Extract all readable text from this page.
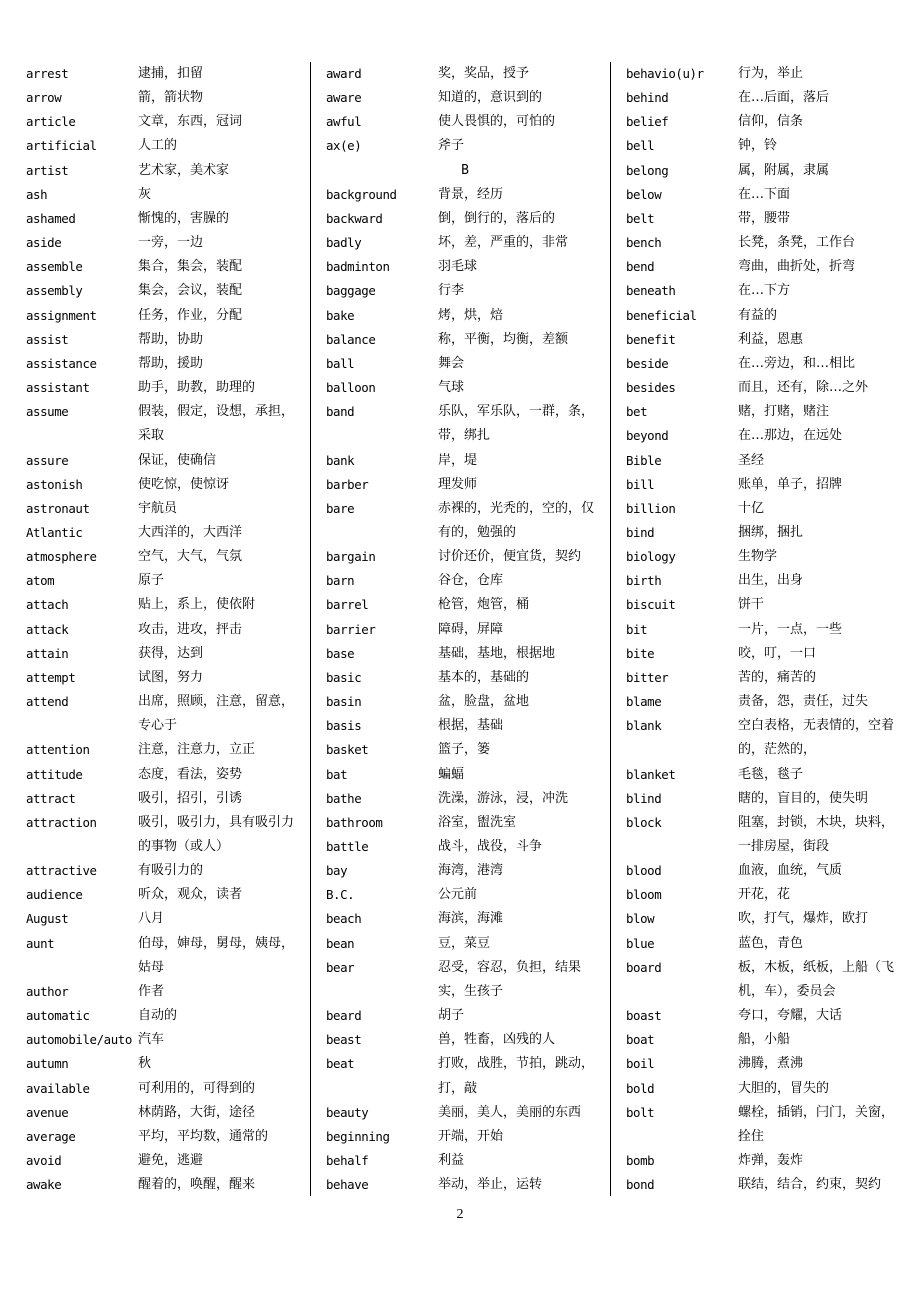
arrest	逮捕，扣留
arrow	箭，箭状物
article	文章，东西，冠词
artificial	人工的
artist	艺术家，美术家
ash	灰
ashamed	惭愧的，害臊的
aside	一旁，一边
assemble	集合，集会，装配
assembly	集会，会议，装配
assignment	任务，作业，分配
assist	帮助，协助
assistance	帮助，援助
assistant	助手，助教，助理的
assume	假装，假定，设想，承担，采取
assure	保证，使确信
astonish	使吃惊，使惊讶
astronaut	宇航员
Atlantic	大西洋的，大西洋
atmosphere	空气，大气，气氛
atom	原子
attach	贴上，系上，使依附
attack	攻击，进攻，抨击
attain	获得，达到
attempt	试图，努力
attend	出席，照顾，注意，留意，专心于
attention	注意，注意力，立正
attitude	态度，看法，姿势
attract	吸引，招引，引诱
attraction	吸引，吸引力，具有吸引力的事物（或人）
attractive	有吸引力的
audience	听众，观众，读者
August	八月
aunt	伯母，婶母，舅母，姨母，姑母
author	作者
automatic	自动的
automobile/auto 汽车
autumn	秋
available	可利用的，可得到的
avenue	林荫路，大街，途径
average	平均，平均数，通常的
avoid	避免，逃避
awake	醒着的，唤醒，醒来
award	奖，奖品，授予
aware	知道的，意识到的
awful	使人畏惧的，可怕的
ax(e)	斧子
B
background	背景，经历
backward	倒，倒行的，落后的
badly	坏，差，严重的，非常
badminton	羽毛球
baggage	行李
bake	烤，烘，焙
balance	称，平衡，均衡，差额
ball	舞会
balloon	气球
band	乐队，军乐队，一群，条，带，绑扎
bank	岸，堤
barber	理发师
bare	赤裸的，光秃的，空的，仅有的，勉强的
bargain	讨价还价，便宜货，契约
barn	谷仓，仓库
barrel	枪管，炮管，桶
barrier	障碍，屏障
base	基础，基地，根据地
basic	基本的，基础的
basin	盆，脸盘，盆地
basis	根据，基础
basket	篮子，篓
bat	蝙蝠
bathe	洗澡，游泳，浸，冲洗
bathroom	浴室，盥洗室
battle	战斗，战役，斗争
bay	海湾，港湾
B.C.	公元前
beach	海滨，海滩
bean	豆，菜豆
bear	忍受，容忍，负担，结果实，生孩子
beard	胡子
beast	兽，牲畜，凶残的人
beat	打败，战胜，节拍，跳动，打，敲
beauty	美丽，美人，美丽的东西
beginning	开端，开始
behalf	利益
behave	举动，举止，运转
behavio(u)r	行为，举止
behind	在…后面，落后
belief	信仰，信条
bell	钟，铃
belong	属，附属，隶属
below	在…下面
belt	带，腰带
bench	长凳，条凳，工作台
bend	弯曲，曲折处，折弯
beneath	在…下方
beneficial	有益的
benefit	利益，恩惠
beside	在…旁边，和…相比
besides	而且，还有，除…之外
bet	赌，打赌，赌注
beyond	在…那边，在远处
Bible	圣经
bill	账单，单子，招牌
billion	十亿
bind	捆绑，捆扎
biology	生物学
birth	出生，出身
biscuit	饼干
bit	一片，一点，一些
bite	咬，叮，一口
bitter	苦的，痛苦的
blame	责备，怨，责任，过失
blank	空白表格，无表情的，空着的，茫然的，
blanket	毛毯，毯子
blind	瞎的，盲目的，使失明
block	阻塞，封锁，木块，块料，一排房屋，街段
blood	血液，血统，气质
bloom	开花，花
blow	吹，打气，爆炸，欧打
blue	蓝色，青色
board	板，木板，纸板，上船（飞机，车），委员会
boast	夸口，夸耀，大话
boat	船，小船
boil	沸腾，煮沸
bold	大胆的，冒失的
bolt	螺栓，插销，闩门，关窗，拴住
bomb	炸弹，轰炸
bond	联结，结合，约束，契约
2
